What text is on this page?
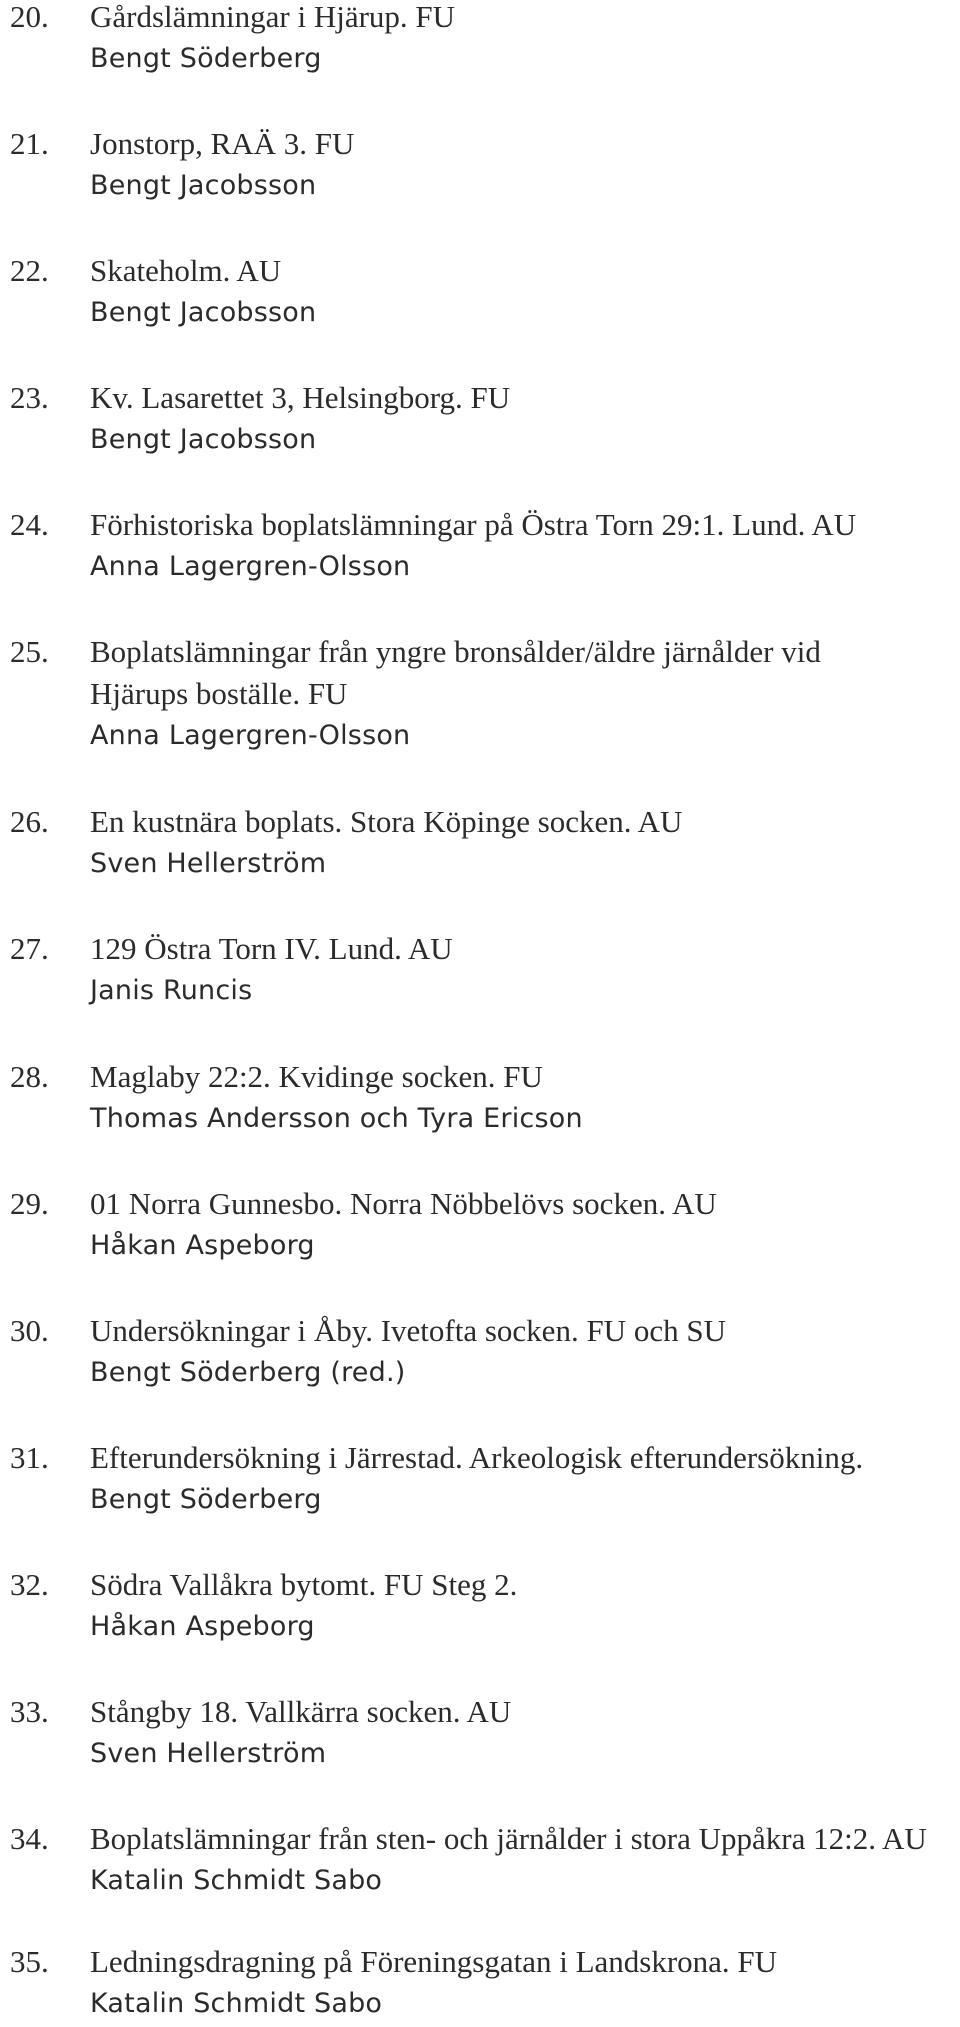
20. Gårdslämningar i Hjärup. FU
Bengt Söderberg
21. Jonstorp, RAÄ 3. FU
Bengt Jacobsson
22. Skateholm. AU
Bengt Jacobsson
23. Kv. Lasarettet 3, Helsingborg. FU
Bengt Jacobsson
24. Förhistoriska boplatslämningar på Östra Torn 29:1. Lund. AU
Anna Lagergren-Olsson
25. Boplatslämningar från yngre bronsålder/äldre järnålder vid Hjärups boställe. FU
Anna Lagergren-Olsson
26. En kustnära boplats. Stora Köpinge socken. AU
Sven Hellerström
27. 129 Östra Torn IV. Lund. AU
Janis Runcis
28. Maglaby 22:2. Kvidinge socken. FU
Thomas Andersson och Tyra Ericson
29. 01 Norra Gunnesbo. Norra Nöbbelövs socken. AU
Håkan Aspeborg
30. Undersökningar i Åby. Ivetofta socken. FU och SU
Bengt Söderberg (red.)
31. Efterundersökning i Järrestad. Arkeologisk efterundersökning.
Bengt Söderberg
32. Södra Vallåkra bytomt. FU Steg 2.
Håkan Aspeborg
33. Stångby 18. Vallkärra socken. AU
Sven Hellerström
34. Boplatslämningar från sten- och järnålder i stora Uppåkra 12:2. AU
Katalin Schmidt Sabo
35. Ledningsdragning på Föreningsgatan i Landskrona. FU
Katalin Schmidt Sabo
